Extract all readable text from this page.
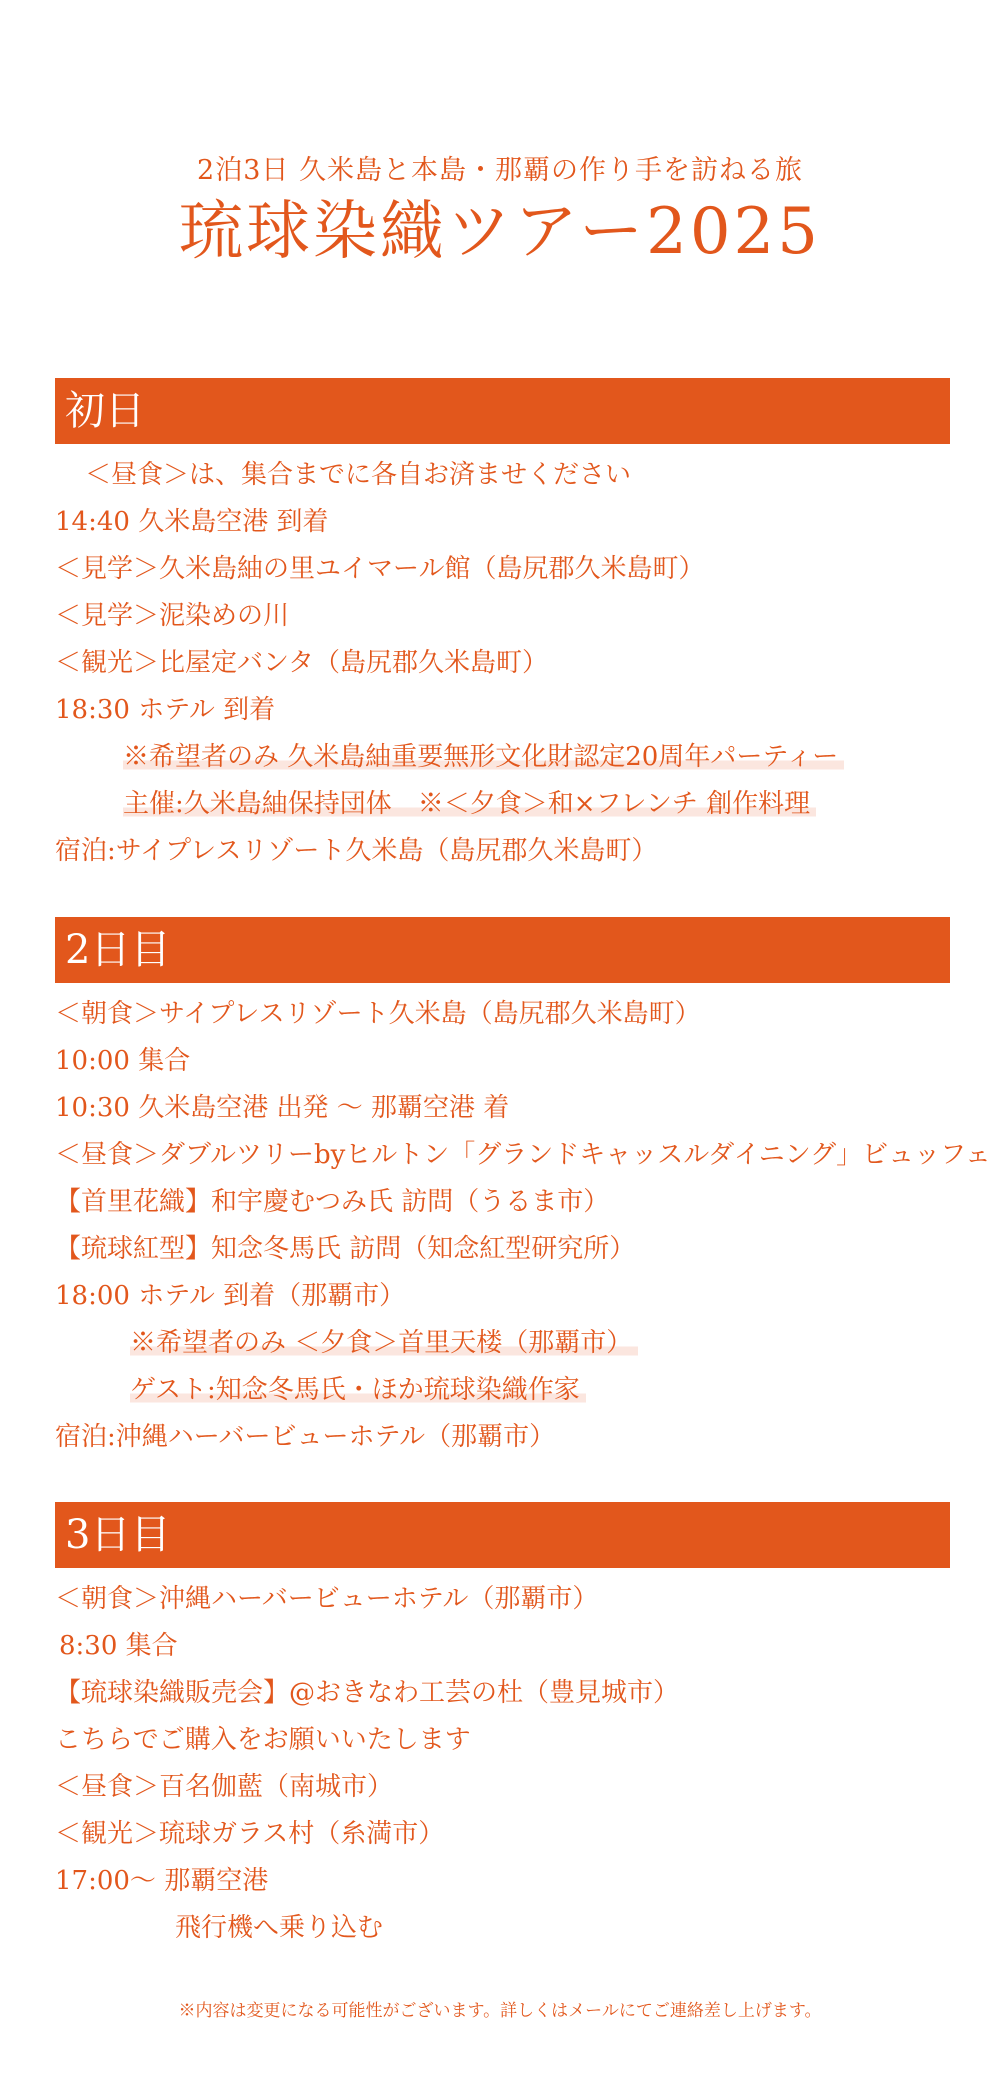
2泊3日 久米島と本島・那覇の作り手を訪ねる旅
琉球染織ツアー2025
初日
＜昼食＞は、集合までに各自お済ませください
14:40 久米島空港 到着
＜見学＞久米島紬の里ユイマール館（島尻郡久米島町）
＜見学＞泥染めの川
＜観光＞比屋定バンタ（島尻郡久米島町）
18:30 ホテル 到着
※希望者のみ 久米島紬重要無形文化財認定20周年パーティー
主催:久米島紬保持団体　※＜夕食＞和×フレンチ 創作料理
宿泊:サイプレスリゾート久米島（島尻郡久米島町）
2日目
＜朝食＞サイプレスリゾート久米島（島尻郡久米島町）
10:00 集合
10:30 久米島空港 出発 ～ 那覇空港 着
＜昼食＞ダブルツリーbyヒルトン「グランドキャッスルダイニング」ビュッフェ
【首里花織】和宇慶むつみ氏 訪問（うるま市）
【琉球紅型】知念冬馬氏 訪問（知念紅型研究所）
18:00 ホテル 到着（那覇市）
※希望者のみ ＜夕食＞首里天楼（那覇市）
ゲスト:知念冬馬氏・ほか琉球染織作家
宿泊:沖縄ハーバービューホテル（那覇市）
3日目
＜朝食＞沖縄ハーバービューホテル（那覇市）
8:30 集合
【琉球染織販売会】@おきなわ工芸の杜（豊見城市）
こちらでご購入をお願いいたします
＜昼食＞百名伽藍（南城市）
＜観光＞琉球ガラス村（糸満市）
17:00～ 那覇空港
飛行機へ乗り込む
※内容は変更になる可能性がございます。詳しくはメールにてご連絡差し上げます。
